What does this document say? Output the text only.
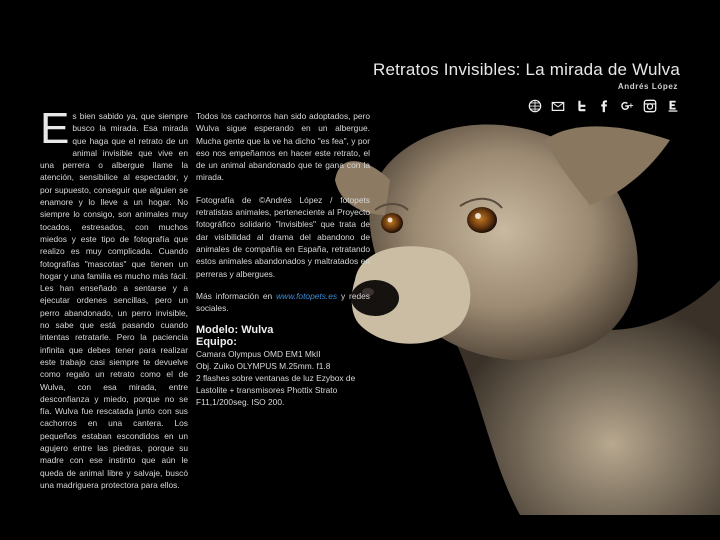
Retratos Invisibles: La mirada de Wulva
Andrés López

Es bien sabido ya, que siempre busco la mirada. Esa mirada que haga que el retrato de un animal invisible que vive en una perrera o albergue llame la atención, sensibilice al espectador, y por supuesto, conseguir que alguien se enamore y lo lleve a un hogar. No siempre lo consigo, son animales muy tocados, estresados, con muchos miedos y este tipo de fotografía que realizo es muy complicada. Cuando fotografías "mascotas" que tienen un hogar y una familia es mucho más fácil. Les han enseñado a sentarse y a ejecutar ordenes sencillas, pero un perro abandonado, un perro invisible, no sabe que está pasando cuando intentas retratarle. Pero la paciencia infinita que debes tener para realizar este trabajo casi siempre te devuelve como regalo un retrato como el de Wulva, con esa mirada, entre desconfianza y miedo, porque no se fía. Wulva fue rescatada junto con sus cachorros en una cantera. Los pequeños estaban escondidos en un agujero entre las piedras, porque su madre con ese instinto que aún le queda de animal libre y salvaje, buscó una madriguera protectora para ellos.

Todos los cachorros han sido adoptados, pero Wulva sigue esperando en un albergue. Mucha gente que la ve ha dicho "es fea", y por eso nos empeñamos en hacer este retrato, el de un animal abandonado que te gana con la mirada.

Fotografía de ©Andrés López / fotopets retratistas animales, perteneciente al Proyecto fotográfico solidario "Invisibles" que trata de dar visibilidad al drama del abandono de animales de compañía en España, retratando estos animales abandonados y maltratados en perreras y albergues.

Más información en www.fotopets.es y redes sociales.

Modelo: Wulva
Equipo:
Camara Olympus OMD EM1 MkII
Obj. Zuiko OLYMPUS M.25mm. f1.8
2 flashes sobre ventanas de luz Ezybox de Lastolite + transmisores Phottix Strato
F11,1/200seg. ISO 200.
